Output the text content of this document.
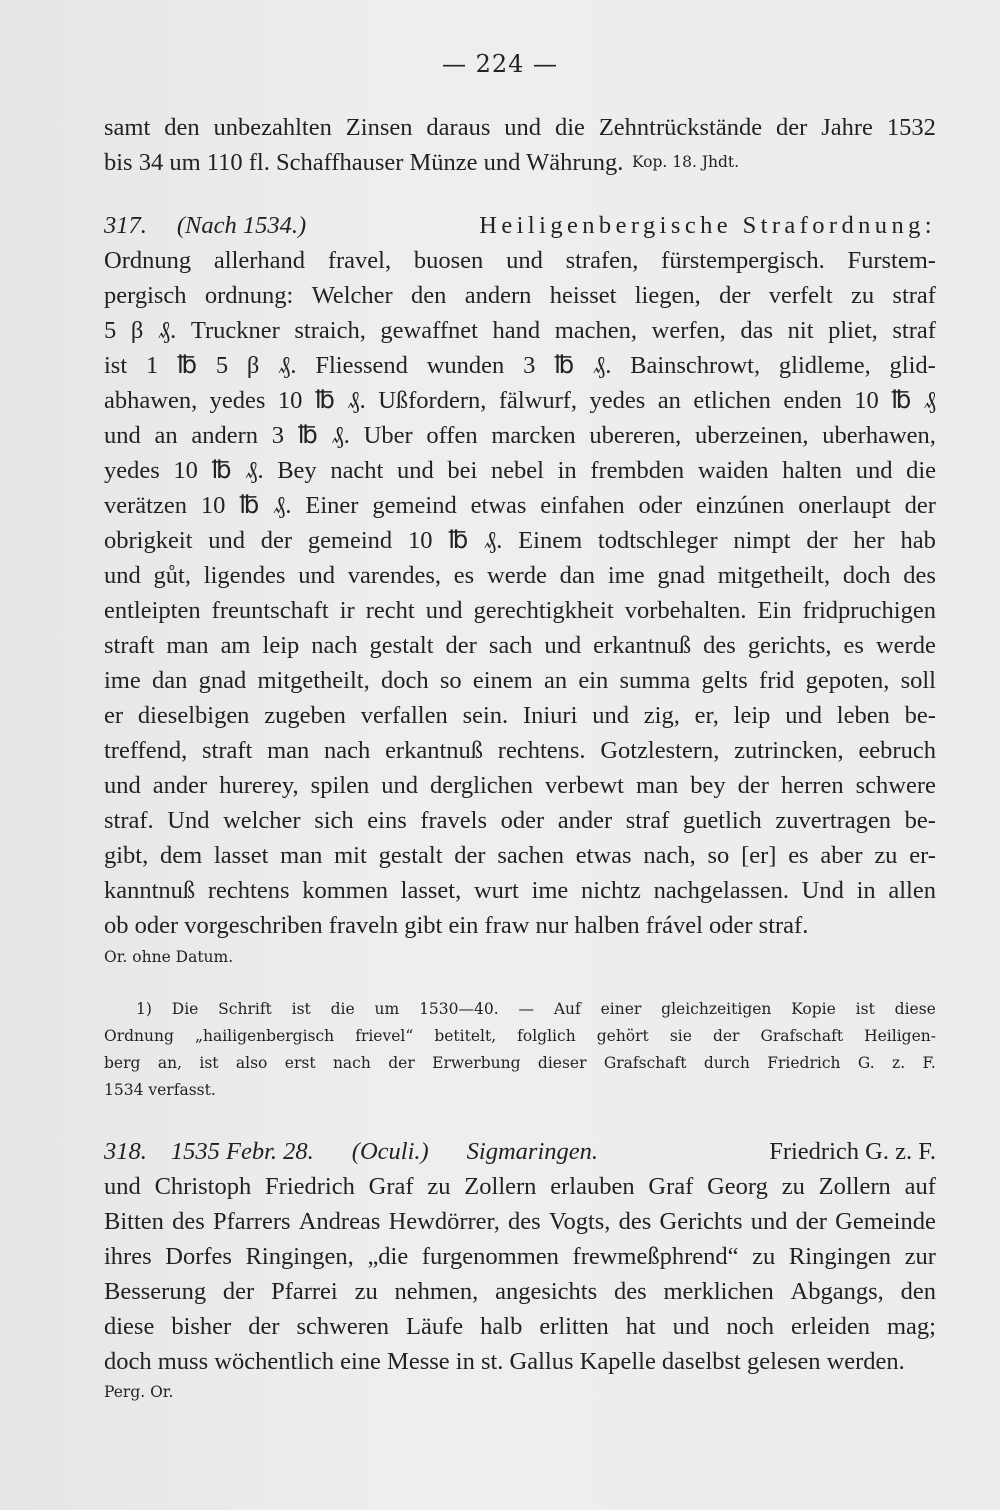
— 224 —
samt den unbezahlten Zinsen daraus und die Zehntrückstände der Jahre 1532
bis 34 um 110 fl. Schaffhauser Münze und Währung. Kop. 18. Jhdt.
317. (Nach 1534.)	Heiligenbergische Strafordnung:
Ordnung allerhand fravel, buosen und strafen, fürstempergisch. Furstem-
pergisch ordnung: Welcher den andern heisset liegen, der verfelt zu straf
5 β ₰. Truckner straich, gewaffnet hand machen, werfen, das nit pliet, straf
ist 1 ℔ 5 β ₰. Fliessend wunden 3 ℔ ₰. Bainschrowt, glidleme, glid-
abhawen, yedes 10 ℔ ₰. Ußfordern, fälwurf, yedes an etlichen enden 10 ℔ ₰
und an andern 3 ℔ ₰. Uber offen marcken ubereren, uberzeinen, uberhawen,
yedes 10 ℔ ₰. Bey nacht und bei nebel in frembden waiden halten und die
verätzen 10 ℔ ₰. Einer gemeind etwas einfahen oder einzúnen onerlaupt der
obrigkeit und der gemeind 10 ℔ ₰. Einem todtschleger nimpt der her hab
und gůt, ligendes und varendes, es werde dan ime gnad mitgetheilt, doch des
entleipten freuntschaft ir recht und gerechtigkheit vorbehalten. Ein fridpruchigen
straft man am leip nach gestalt der sach und erkantnuß des gerichts, es werde
ime dan gnad mitgetheilt, doch so einem an ein summa gelts frid gepoten, soll
er dieselbigen zugeben verfallen sein. Iniuri und zig, er, leip und leben be-
treffend, straft man nach erkantnuß rechtens. Gotzlestern, zutrincken, eebruch
und ander hurerey, spilen und derglichen verbewt man bey der herren schwere
straf. Und welcher sich eins fravels oder ander straf guetlich zuvertragen be-
gibt, dem lasset man mit gestalt der sachen etwas nach, so [er] es aber zu er-
kanntnuß rechtens kommen lasset, wurt ime nichtz nachgelassen. Und in allen
ob oder vorgeschriben fraveln gibt ein fraw nur halben frável oder straf.
Or. ohne Datum.
1) Die Schrift ist die um 1530—40. — Auf einer gleichzeitigen Kopie ist diese
Ordnung „hailigenbergisch frievel“ betitelt, folglich gehört sie der Grafschaft Heiligen-
berg an, ist also erst nach der Erwerbung dieser Grafschaft durch Friedrich G. z. F.
1534 verfasst.
318. 1535 Febr. 28. (Oculi.) Sigmaringen.	Friedrich G. z. F.
und Christoph Friedrich Graf zu Zollern erlauben Graf Georg zu Zollern auf
Bitten des Pfarrers Andreas Hewdörrer, des Vogts, des Gerichts und der Gemeinde
ihres Dorfes Ringingen, „die furgenommen frewmeßphrend“ zu Ringingen zur
Besserung der Pfarrei zu nehmen, angesichts des merklichen Abgangs, den
diese bisher der schweren Läufe halb erlitten hat und noch erleiden mag;
doch muss wöchentlich eine Messe in st. Gallus Kapelle daselbst gelesen werden.
Perg. Or.
